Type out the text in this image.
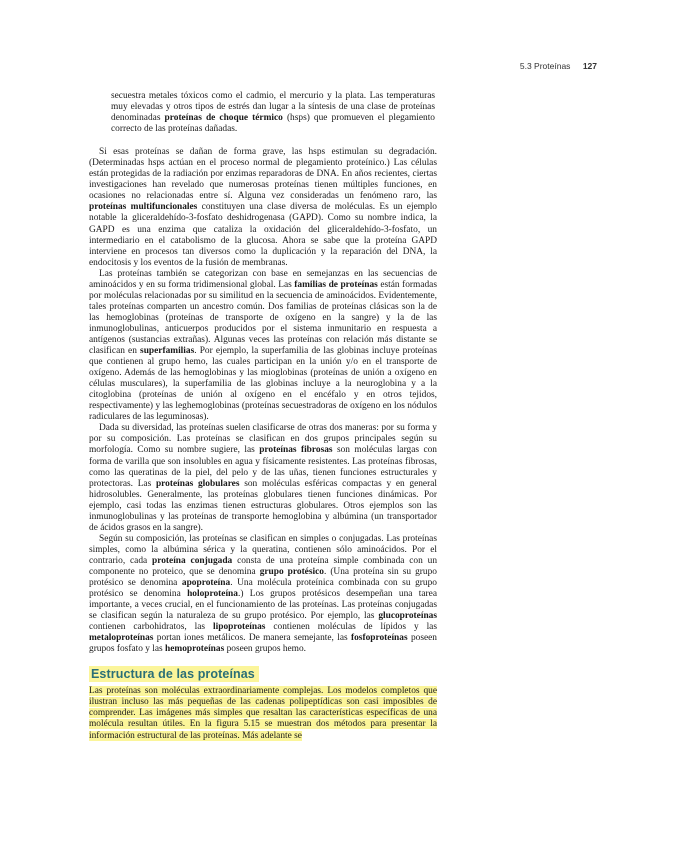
5.3 Proteínas 127

secuestra metales tóxicos como el cadmio, el mercurio y la plata. Las temperaturas muy elevadas y otros tipos de estrés dan lugar a la síntesis de una clase de proteínas denominadas proteínas de choque térmico (hsps) que promueven el plegamiento correcto de las proteínas dañadas.

Si esas proteínas se dañan de forma grave, las hsps estimulan su degradación. (Determinadas hsps actúan en el proceso normal de plegamiento proteínico.) Las células están protegidas de la radiación por enzimas reparadoras de DNA. En años recientes, ciertas investigaciones han revelado que numerosas proteínas tienen múltiples funciones, en ocasiones no relacionadas entre sí. Alguna vez consideradas un fenómeno raro, las proteínas multifuncionales constituyen una clase diversa de moléculas. Es un ejemplo notable la gliceraldehído-3-fosfato deshidrogenasa (GAPD). Como su nombre indica, la GAPD es una enzima que cataliza la oxidación del gliceraldehído-3-fosfato, un intermediario en el catabolismo de la glucosa. Ahora se sabe que la proteína GAPD interviene en procesos tan diversos como la duplicación y la reparación del DNA, la endocitosis y los eventos de la fusión de membranas.

Las proteínas también se categorizan con base en semejanzas en las secuencias de aminoácidos y en su forma tridimensional global. Las familias de proteínas están formadas por moléculas relacionadas por su similitud en la secuencia de aminoácidos. Evidentemente, tales proteínas comparten un ancestro común. Dos familias de proteínas clásicas son la de las hemoglobinas (proteínas de transporte de oxígeno en la sangre) y la de las inmunoglobulinas, anticuerpos producidos por el sistema inmunitario en respuesta a antígenos (sustancias extrañas). Algunas veces las proteínas con relación más distante se clasifican en superfamilias. Por ejemplo, la superfamilia de las globinas incluye proteínas que contienen al grupo hemo, las cuales participan en la unión y/o en el transporte de oxígeno. Además de las hemoglobinas y las mioglobinas (proteínas de unión a oxígeno en células musculares), la superfamilia de las globinas incluye a la neuroglobina y a la citoglobina (proteínas de unión al oxígeno en el encéfalo y en otros tejidos, respectivamente) y las leghemoglobinas (proteínas secuestradoras de oxígeno en los nódulos radiculares de las leguminosas).

Dada su diversidad, las proteínas suelen clasificarse de otras dos maneras: por su forma y por su composición. Las proteínas se clasifican en dos grupos principales según su morfología. Como su nombre sugiere, las proteínas fibrosas son moléculas largas con forma de varilla que son insolubles en agua y físicamente resistentes. Las proteínas fibrosas, como las queratinas de la piel, del pelo y de las uñas, tienen funciones estructurales y protectoras. Las proteínas globulares son moléculas esféricas compactas y en general hidrosolubles. Generalmente, las proteínas globulares tienen funciones dinámicas. Por ejemplo, casi todas las enzimas tienen estructuras globulares. Otros ejemplos son las inmunoglobulinas y las proteínas de transporte hemoglobina y albúmina (un transportador de ácidos grasos en la sangre).

Según su composición, las proteínas se clasifican en simples o conjugadas. Las proteínas simples, como la albúmina sérica y la queratina, contienen sólo aminoácidos. Por el contrario, cada proteína conjugada consta de una proteína simple combinada con un componente no proteico, que se denomina grupo protésico. (Una proteína sin su grupo protésico se denomina apoproteína. Una molécula proteínica combinada con su grupo protésico se denomina holoproteína.) Los grupos protésicos desempeñan una tarea importante, a veces crucial, en el funcionamiento de las proteínas. Las proteínas conjugadas se clasifican según la naturaleza de su grupo protésico. Por ejemplo, las glucoproteínas contienen carbohidratos, las lipoproteínas contienen moléculas de lípidos y las metaloproteínas portan iones metálicos. De manera semejante, las fosfoproteínas poseen grupos fosfato y las hemoproteínas poseen grupos hemo.

Estructura de las proteínas

Las proteínas son moléculas extraordinariamente complejas. Los modelos completos que ilustran incluso las más pequeñas de las cadenas polipeptídicas son casi imposibles de comprender. Las imágenes más simples que resaltan las características específicas de una molécula resultan útiles. En la figura 5.15 se muestran dos métodos para presentar la información estructural de las proteínas. Más adelante se
